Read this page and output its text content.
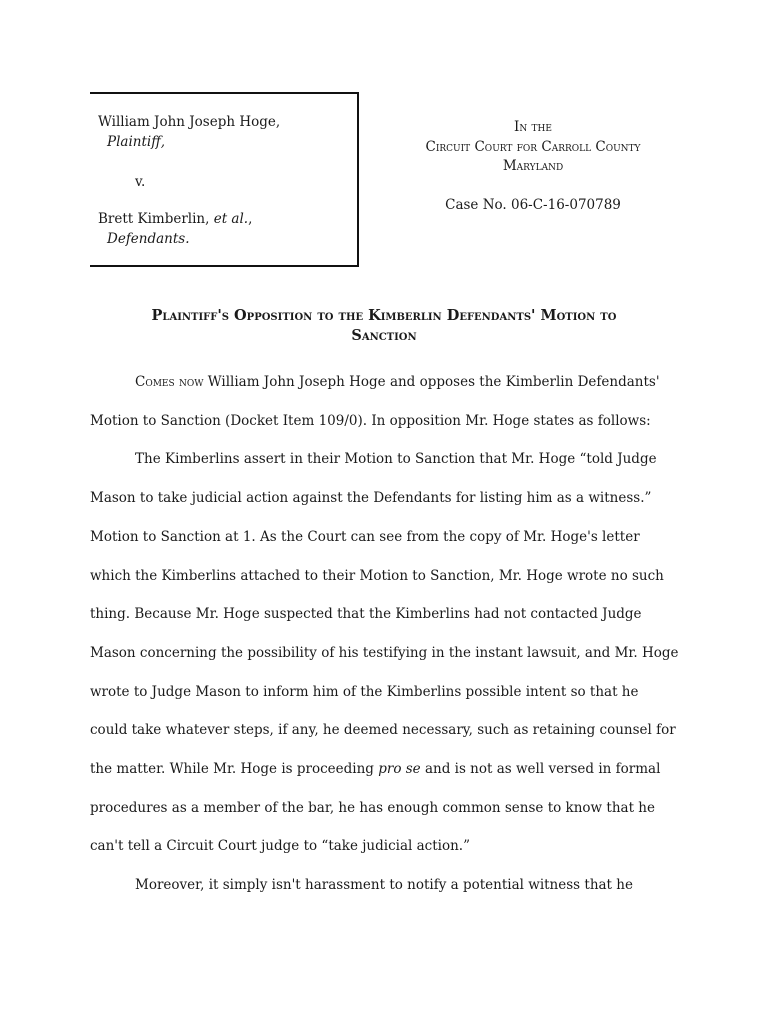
William John Joseph Hoge,
Plaintiff,
v.
Brett Kimberlin, et al.,
Defendants.
In the
Circuit Court for Carroll County
Maryland
Case No. 06-C-16-070789
Plaintiff's Opposition to the Kimberlin Defendants' Motion to
Sanction

Comes now William John Joseph Hoge and opposes the Kimberlin Defendants' Motion to Sanction (Docket Item 109/0). In opposition Mr. Hoge states as follows:

The Kimberlins assert in their Motion to Sanction that Mr. Hoge “told Judge Mason to take judicial action against the Defendants for listing him as a witness.” Motion to Sanction at 1. As the Court can see from the copy of Mr. Hoge's letter which the Kimberlins attached to their Motion to Sanction, Mr. Hoge wrote no such thing. Because Mr. Hoge suspected that the Kimberlins had not contacted Judge Mason concerning the possibility of his testifying in the instant lawsuit, and Mr. Hoge wrote to Judge Mason to inform him of the Kimberlins possible intent so that he could take whatever steps, if any, he deemed necessary, such as retaining counsel for the matter. While Mr. Hoge is proceeding pro se and is not as well versed in formal procedures as a member of the bar, he has enough common sense to know that he can't tell a Circuit Court judge to “take judicial action.”

Moreover, it simply isn't harassment to notify a potential witness that he
